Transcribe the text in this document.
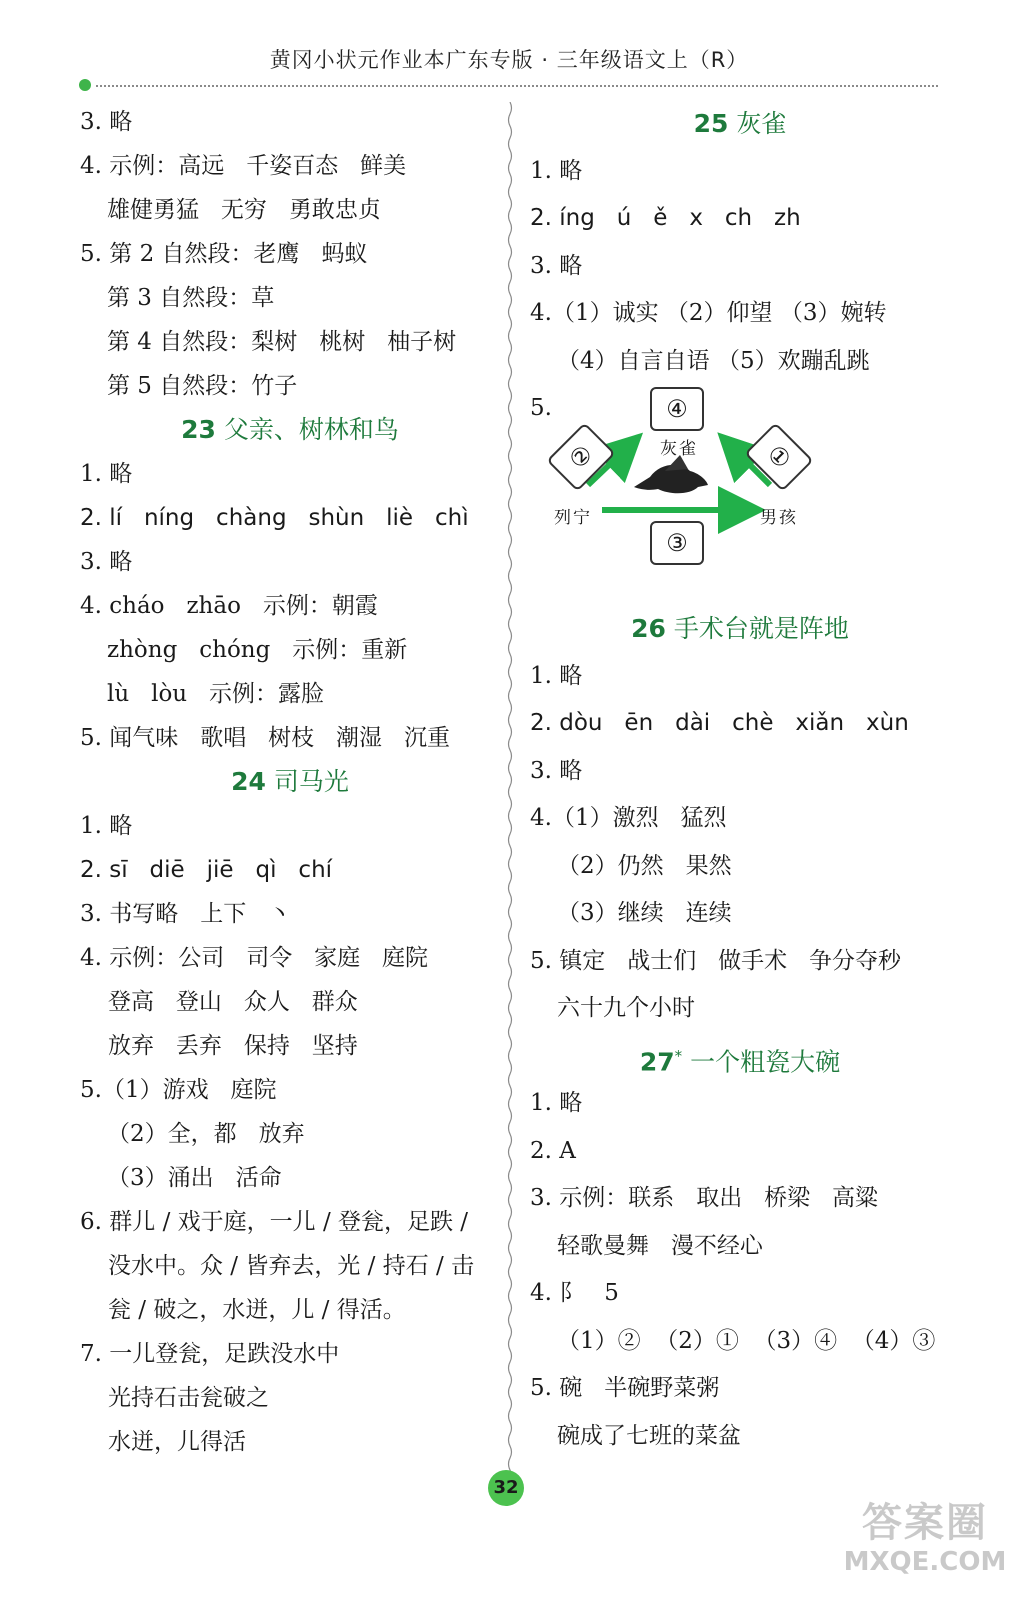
黄冈小状元作业本广东专版 · 三年级语文上（R）
3. 略
4. 示例：高远   千姿百态   鲜美
雄健勇猛   无穷   勇敢忠贞
5. 第 2 自然段：老鹰   蚂蚁
第 3 自然段：草
第 4 自然段：梨树   桃树   柚子树
第 5 自然段：竹子
23 父亲、树林和鸟
1. 略
2. lí   níng   chàng   shùn   liè   chì
3. 略
4. cháo   zhāo   示例：朝霞
zhòng   chóng   示例：重新
lù   lòu   示例：露脸
5. 闻气味   歌唱   树枝   潮湿   沉重
24 司马光
1. 略
2. sī   diē   jiē   qì   chí
3. 书写略   上下   丶
4. 示例：公司   司令   家庭   庭院
登高   登山   众人   群众
放弃   丢弃   保持   坚持
5.（1）游戏   庭院
（2）全，都   放弃
（3）涌出   活命
6. 群儿 / 戏于庭，一儿 / 登瓮，足跌 /
没水中。众 / 皆弃去，光 / 持石 / 击
瓮 / 破之，水迸，儿 / 得活。
7. 一儿登瓮，足跌没水中
光持石击瓮破之
水迸，儿得活
25 灰雀
1. 略
2. íng   ú   ě   x   ch   zh
3. 略
4.（1）诚实 （2）仰望 （3）婉转
（4）自言自语 （5）欢蹦乱跳
5.	④
灰雀
②	①
列宁	男孩
③
26 手术台就是阵地
1. 略
2. dòu   ēn   dài   chè   xiǎn   xùn
3. 略
4.（1）激烈   猛烈
（2）仍然   果然
（3）继续   连续
5. 镇定   战士们   做手术   争分夺秒
六十九个小时
27* 一个粗瓷大碗
1. 略
2. A
3. 示例：联系   取出   桥梁   高粱
轻歌曼舞   漫不经心
4. 阝   5
（1）②  （2）①  （3）④  （4）③
5. 碗   半碗野菜粥
碗成了七班的菜盆
32
答案圈
MXQE.COM
